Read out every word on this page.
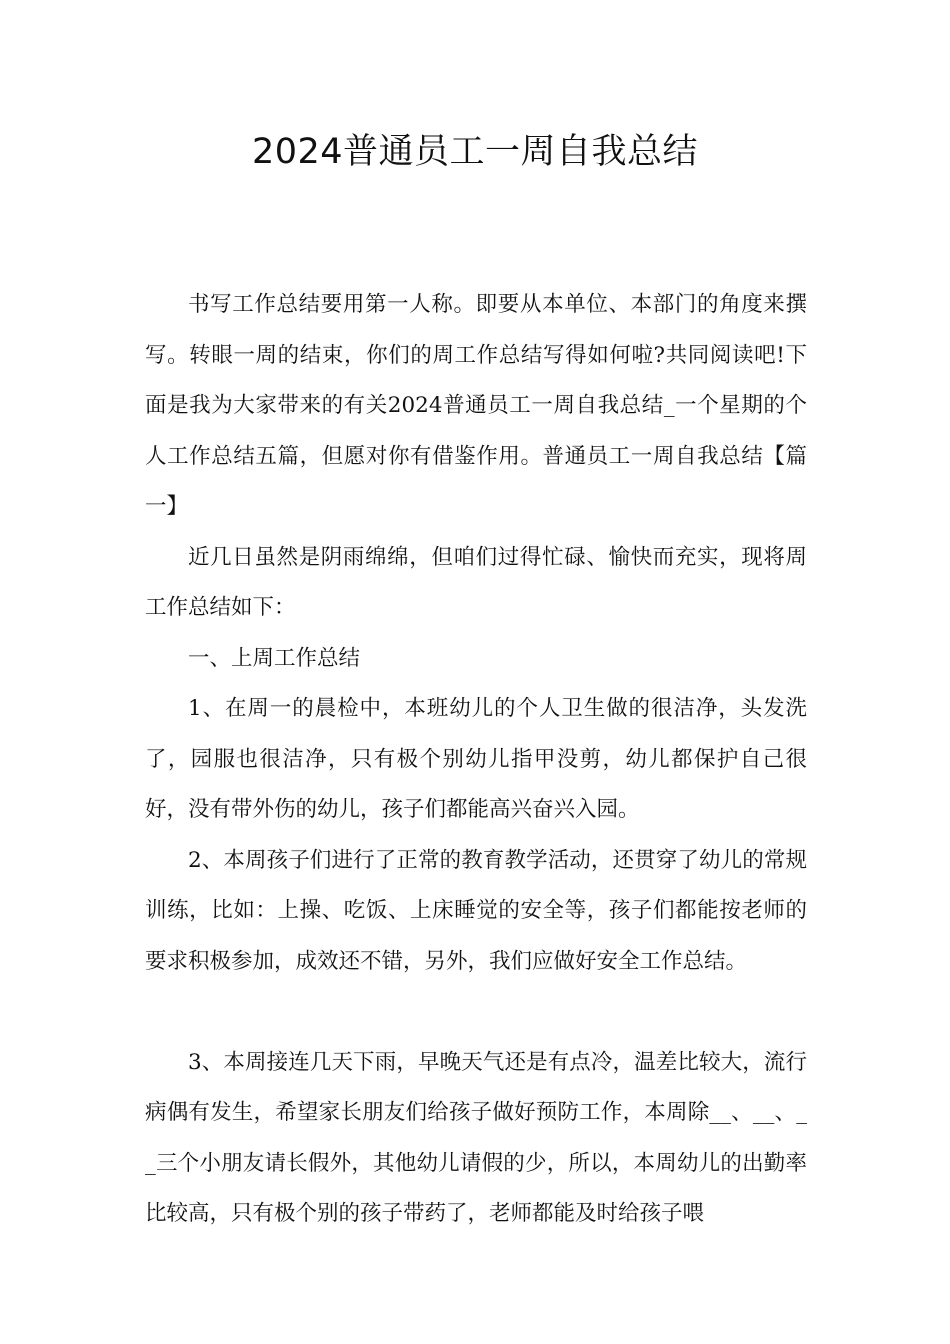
2024普通员工一周自我总结

书写工作总结要用第一人称。即要从本单位、本部门的角度来撰写。转眼一周的结束，你们的周工作总结写得如何啦?共同阅读吧!下面是我为大家带来的有关2024普通员工一周自我总结_一个星期的个人工作总结五篇，但愿对你有借鉴作用。普通员工一周自我总结【篇一】

近几日虽然是阴雨绵绵，但咱们过得忙碌、愉快而充实，现将周工作总结如下：

一、上周工作总结

1、在周一的晨检中，本班幼儿的个人卫生做的很洁净，头发洗了，园服也很洁净，只有极个别幼儿指甲没剪，幼儿都保护自己很好，没有带外伤的幼儿，孩子们都能高兴奋兴入园。

2、本周孩子们进行了正常的教育教学活动，还贯穿了幼儿的常规训练，比如：上操、吃饭、上床睡觉的安全等，孩子们都能按老师的要求积极参加，成效还不错，另外，我们应做好安全工作总结。

3、本周接连几天下雨，早晚天气还是有点冷，温差比较大，流行病偶有发生，希望家长朋友们给孩子做好预防工作，本周除__、__、__三个小朋友请长假外，其他幼儿请假的少，所以，本周幼儿的出勤率比较高，只有极个别的孩子带药了，老师都能及时给孩子喂
